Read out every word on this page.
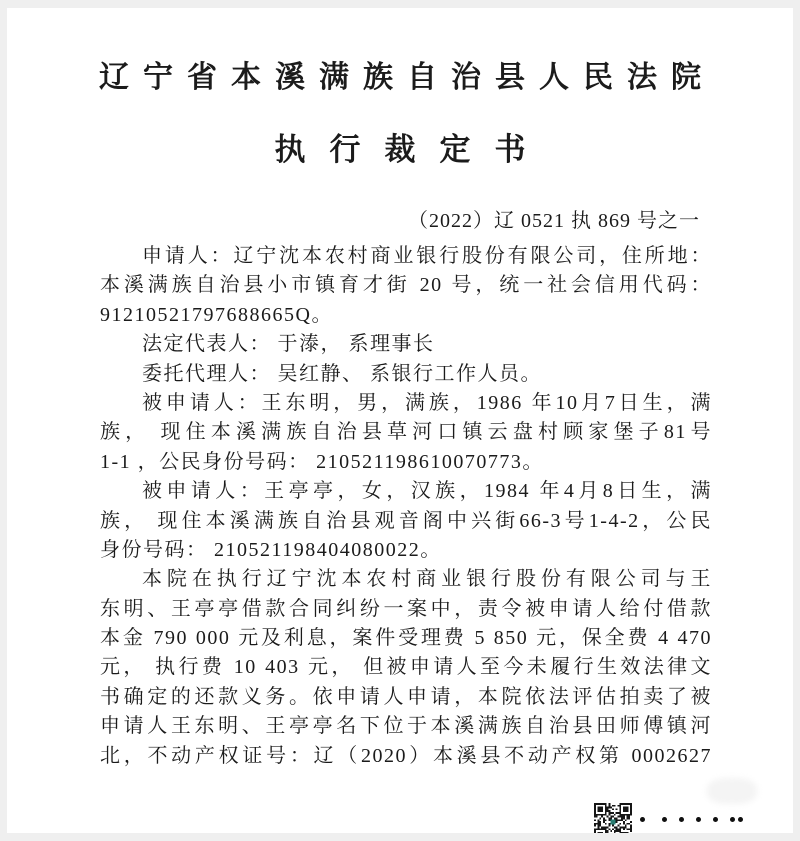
辽宁省本溪满族自治县人民法院
执行裁定书
（2022）辽 0521 执 869 号之一
申请人：辽宁沈本农村商业银行股份有限公司，住所地：
本溪满族自治县小市镇育才街 20 号，统一社会信用代码：
91210521797688665Q。
法定代表人： 于溙， 系理事长
委托代理人： 吴红静、 系银行工作人员。
被申请人：王东明，男，满族，1986 年10月7日生，满
族， 现住本溪满族自治县草河口镇云盘村顾家堡子81号
1-1 ，公民身份号码： 210521198610070773。
被申请人：王亭亭，女，汉族，1984 年4月8日生，满
族， 现住本溪满族自治县观音阁中兴街66-3号1-4-2，公民
身份号码： 210521198404080022。
本院在执行辽宁沈本农村商业银行股份有限公司与王
东明、王亭亭借款合同纠纷一案中，责令被申请人给付借款
本金 790 000 元及利息，案件受理费 5 850 元，保全费 4 470
元， 执行费 10 403 元， 但被申请人至今未履行生效法律文
书确定的还款义务。依申请人申请，本院依法评估拍卖了被
申请人王东明、王亭亭名下位于本溪满族自治县田师傅镇河
北，不动产权证号：辽（2020）本溪县不动产权第 0002627
